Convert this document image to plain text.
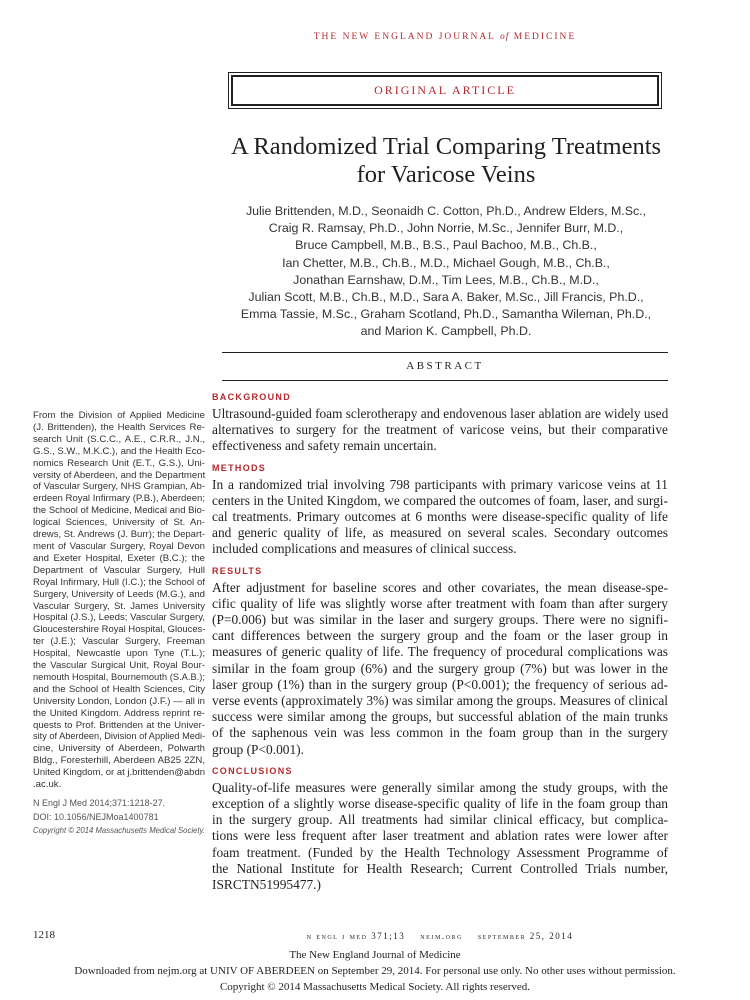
THE NEW ENGLAND JOURNAL of MEDICINE
ORIGINAL ARTICLE
A Randomized Trial Comparing Treatments
for Varicose Veins
Julie Brittenden, M.D., Seonaidh C. Cotton, Ph.D., Andrew Elders, M.Sc.,
Craig R. Ramsay, Ph.D., John Norrie, M.Sc., Jennifer Burr, M.D.,
Bruce Campbell, M.B., B.S., Paul Bachoo, M.B., Ch.B.,
Ian Chetter, M.B., Ch.B., M.D., Michael Gough, M.B., Ch.B.,
Jonathan Earnshaw, D.M., Tim Lees, M.B., Ch.B., M.D.,
Julian Scott, M.B., Ch.B., M.D., Sara A. Baker, M.Sc., Jill Francis, Ph.D.,
Emma Tassie, M.Sc., Graham Scotland, Ph.D., Samantha Wileman, Ph.D.,
and Marion K. Campbell, Ph.D.
ABSTRACT
BACKGROUND
Ultrasound-guided foam sclerotherapy and endovenous laser ablation are widely used
alternatives to surgery for the treatment of varicose veins, but their comparative
effectiveness and safety remain uncertain.
METHODS
In a randomized trial involving 798 participants with primary varicose veins at 11
centers in the United Kingdom, we compared the outcomes of foam, laser, and surgi-
cal treatments. Primary outcomes at 6 months were disease-specific quality of life
and generic quality of life, as measured on several scales. Secondary outcomes
included complications and measures of clinical success.
RESULTS
After adjustment for baseline scores and other covariates, the mean disease-spe-
cific quality of life was slightly worse after treatment with foam than after surgery
(P=0.006) but was similar in the laser and surgery groups. There were no signifi-
cant differences between the surgery group and the foam or the laser group in
measures of generic quality of life. The frequency of procedural complications was
similar in the foam group (6%) and the surgery group (7%) but was lower in the
laser group (1%) than in the surgery group (P<0.001); the frequency of serious ad-
verse events (approximately 3%) was similar among the groups. Measures of clinical
success were similar among the groups, but successful ablation of the main trunks
of the saphenous vein was less common in the foam group than in the surgery
group (P<0.001).
CONCLUSIONS
Quality-of-life measures were generally similar among the study groups, with the
exception of a slightly worse disease-specific quality of life in the foam group than
in the surgery group. All treatments had similar clinical efficacy, but complica-
tions were less frequent after laser treatment and ablation rates were lower after
foam treatment. (Funded by the Health Technology Assessment Programme of
the National Institute for Health Research; Current Controlled Trials number,
ISRCTN51995477.)
From the Division of Applied Medicine
(J. Brittenden), the Health Services Re-
search Unit (S.C.C., A.E., C.R.R., J.N.,
G.S., S.W., M.K.C.), and the Health Eco-
nomics Research Unit (E.T., G.S.), Uni-
versity of Aberdeen, and the Department
of Vascular Surgery, NHS Grampian, Ab-
erdeen Royal Infirmary (P.B.), Aberdeen;
the School of Medicine, Medical and Bio-
logical Sciences, University of St. An-
drews, St. Andrews (J. Burr); the Depart-
ment of Vascular Surgery, Royal Devon
and Exeter Hospital, Exeter (B.C.); the
Department of Vascular Surgery, Hull
Royal Infirmary, Hull (I.C.); the School of
Surgery, University of Leeds (M.G.), and
Vascular Surgery, St. James University
Hospital (J.S.), Leeds; Vascular Surgery,
Gloucestershire Royal Hospital, Glouces-
ter (J.E.); Vascular Surgery, Freeman
Hospital, Newcastle upon Tyne (T.L.);
the Vascular Surgical Unit, Royal Bour-
nemouth Hospital, Bournemouth (S.A.B.);
and the School of Health Sciences, City
University London, London (J.F.) — all in
the United Kingdom. Address reprint re-
quests to Prof. Brittenden at the Univer-
sity of Aberdeen, Division of Applied Medi-
cine, University of Aberdeen, Polwarth
Bldg., Foresterhill, Aberdeen AB25 2ZN,
United Kingdom, or at j.brittenden@abdn
.ac.uk.
N Engl J Med 2014;371:1218-27.
DOI: 10.1056/NEJMoa1400781
Copyright © 2014 Massachusetts Medical Society.
1218	n engl j med 371;13    nejm.org    september 25, 2014
The New England Journal of Medicine
Downloaded from nejm.org at UNIV OF ABERDEEN on September 29, 2014. For personal use only. No other uses without permission.
Copyright © 2014 Massachusetts Medical Society. All rights reserved.
